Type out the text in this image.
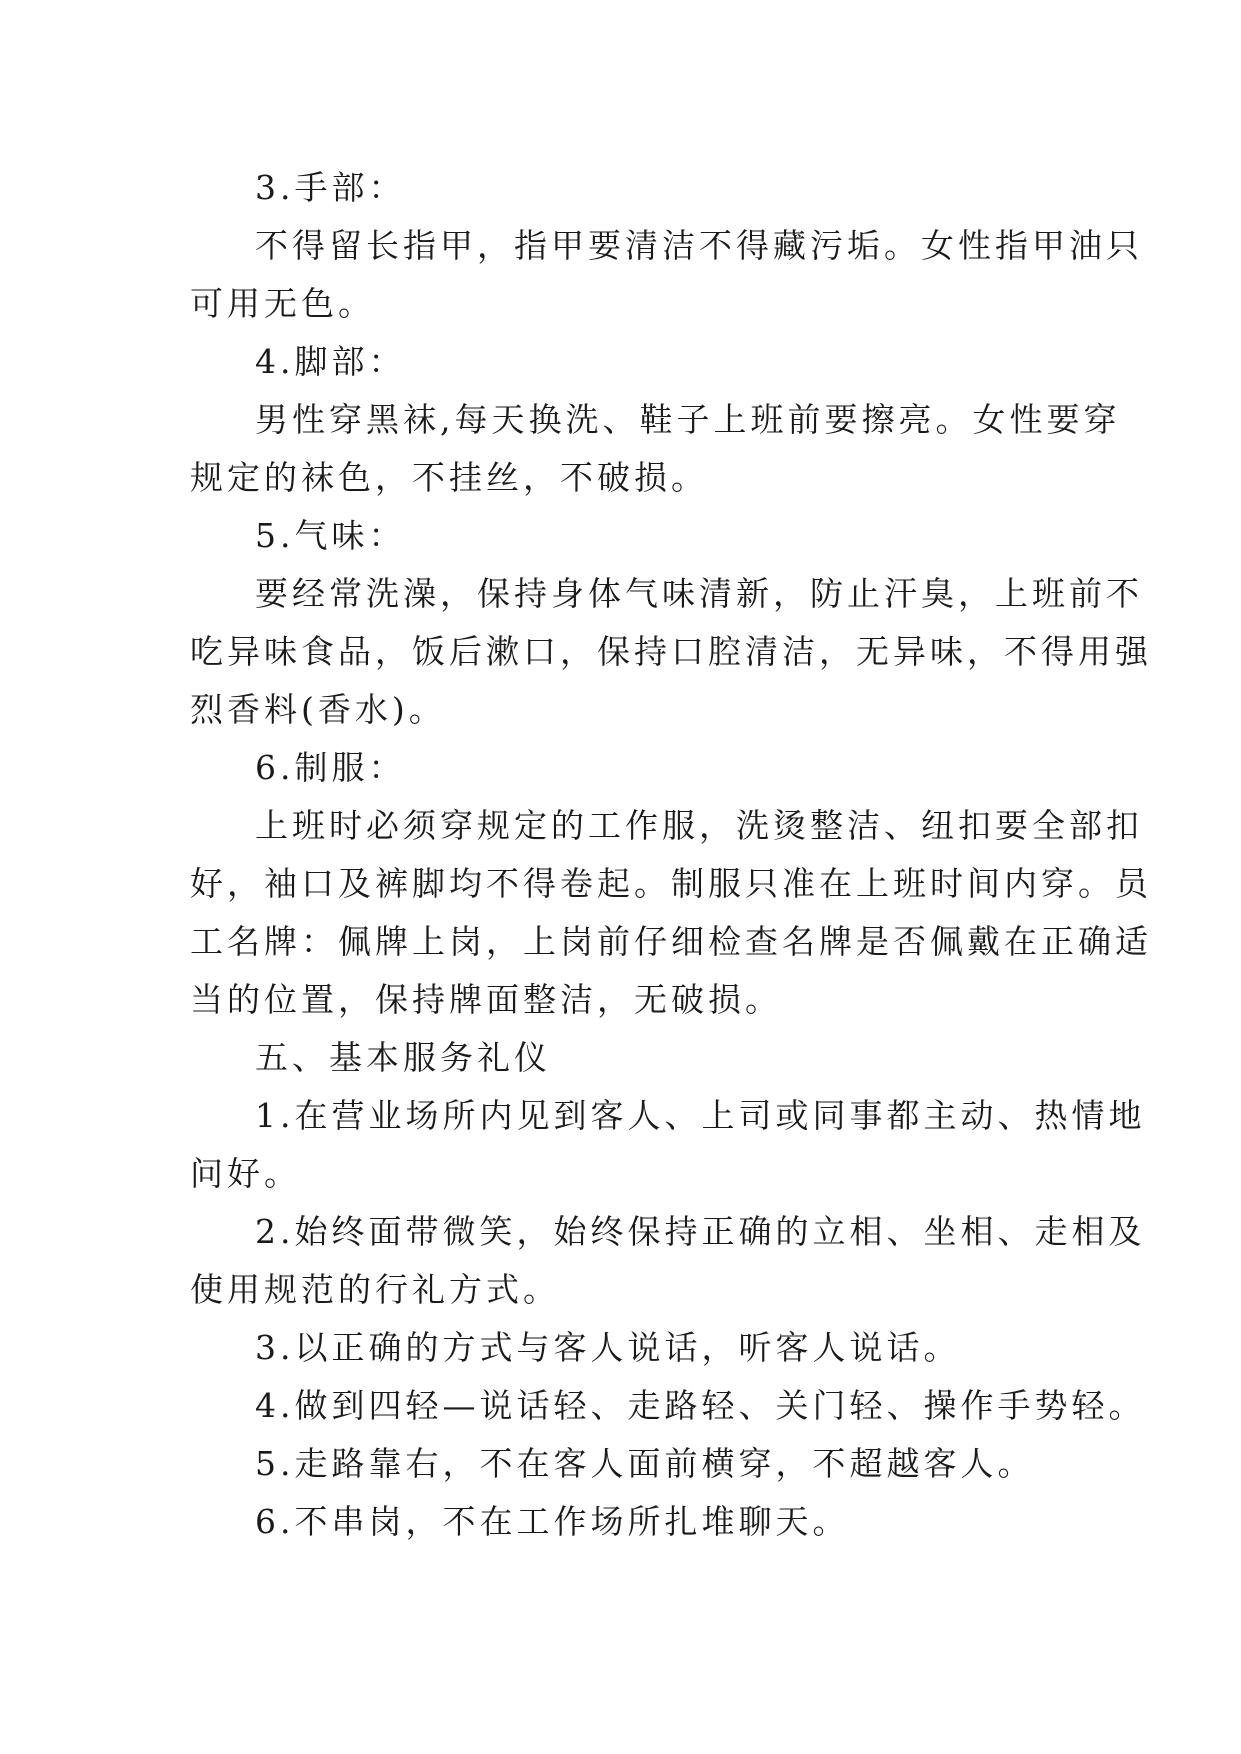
3.手部：
不得留长指甲，指甲要清洁不得藏污垢。女性指甲油只
可用无色。
4.脚部：
男性穿黑袜,每天换洗、鞋子上班前要擦亮。女性要穿
规定的袜色，不挂丝，不破损。
5.气味：
要经常洗澡，保持身体气味清新，防止汗臭，上班前不
吃异味食品，饭后漱口，保持口腔清洁，无异味，不得用强
烈香料(香水)。
6.制服：
上班时必须穿规定的工作服，洗烫整洁、纽扣要全部扣
好，袖口及裤脚均不得卷起。制服只准在上班时间内穿。员
工名牌：佩牌上岗，上岗前仔细检查名牌是否佩戴在正确适
当的位置，保持牌面整洁，无破损。
五、基本服务礼仪
1.在营业场所内见到客人、上司或同事都主动、热情地
问好。
2.始终面带微笑，始终保持正确的立相、坐相、走相及
使用规范的行礼方式。
3.以正确的方式与客人说话，听客人说话。
4.做到四轻—说话轻、走路轻、关门轻、操作手势轻。
5.走路靠右，不在客人面前横穿，不超越客人。
6.不串岗，不在工作场所扎堆聊天。
